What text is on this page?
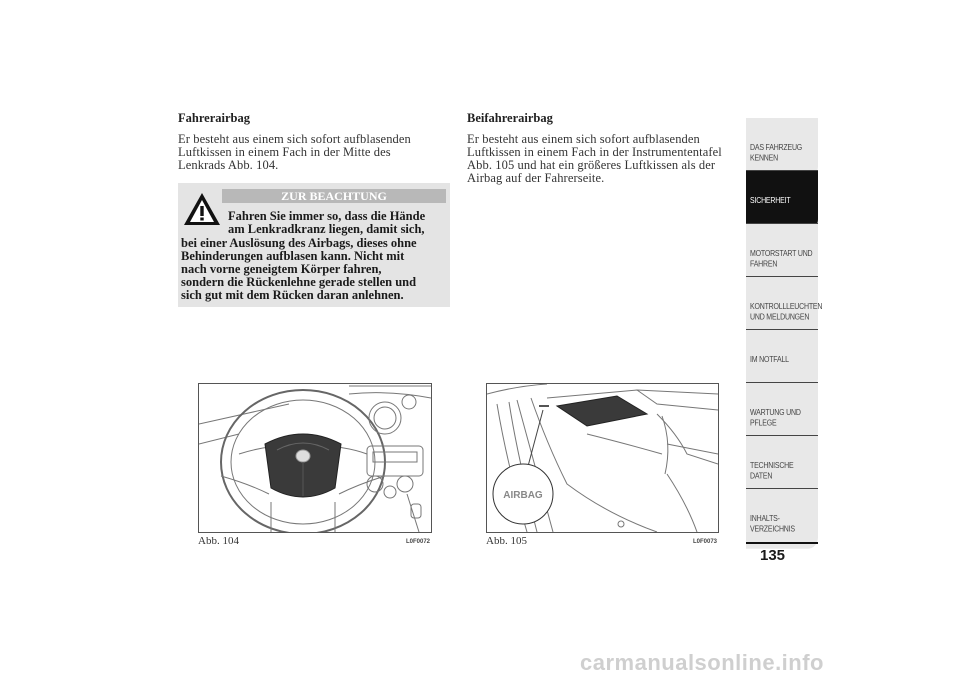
Fahrerairbag
Er besteht aus einem sich sofort aufblasenden
Luftkissen in einem Fach in der Mitte des
Lenkrads Abb. 104.
ZUR BEACHTUNG
Fahren Sie immer so, dass die Hände
am Lenkradkranz liegen, damit sich,
bei einer Auslösung des Airbags, dieses ohne
Behinderungen aufblasen kann. Nicht mit
nach vorne geneigtem Körper fahren,
sondern die Rückenlehne gerade stellen und
sich gut mit dem Rücken daran anlehnen.
Beifahrerairbag
Er besteht aus einem sich sofort aufblasenden
Luftkissen in einem Fach in der Instrumententafel
Abb. 105 und hat ein größeres Luftkissen als der
Airbag auf der Fahrerseite.
Abb. 104	L0F0072
AIRBAG
Abb. 105	L0F0073
DAS FAHRZEUG
KENNEN
SICHERHEIT
MOTORSTART UND
FAHREN
KONTROLLLEUCHTEN
UND MELDUNGEN
IM NOTFALL
WARTUNG UND
PFLEGE
TECHNISCHE
DATEN
INHALTS-
VERZEICHNIS
135
carmanualsonline.info
